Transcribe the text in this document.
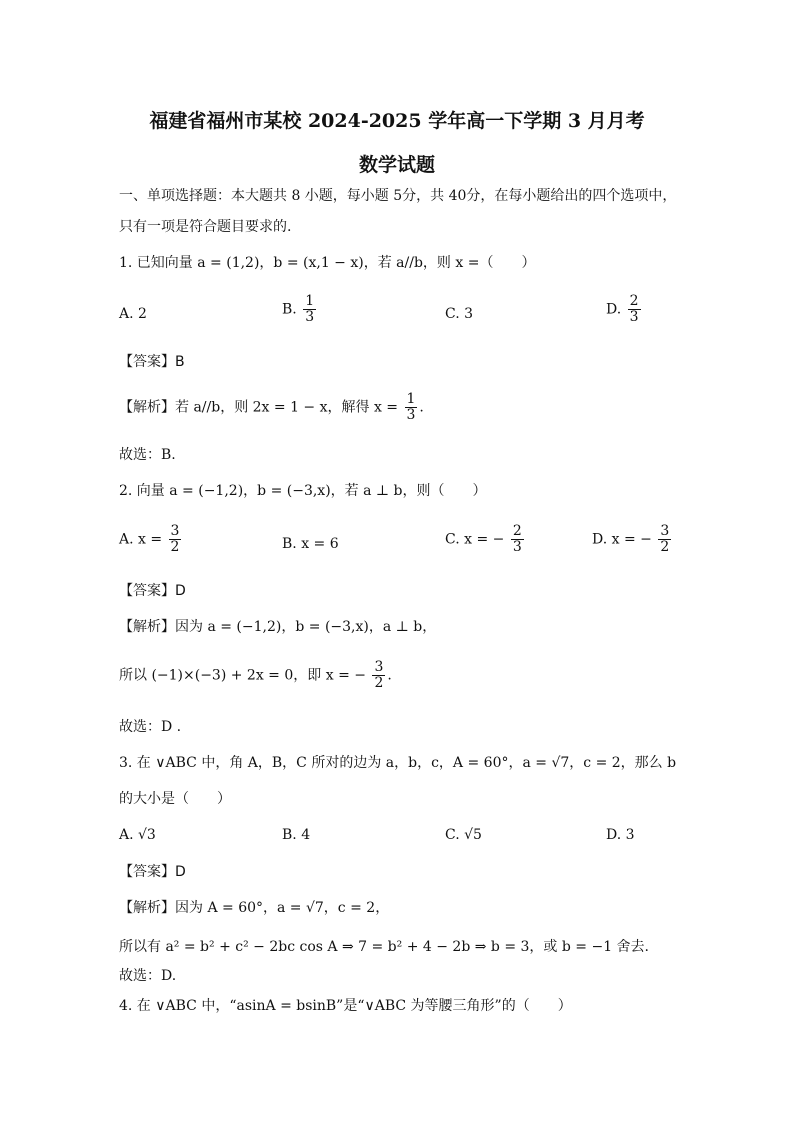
福建省福州市某校 2024-2025 学年高一下学期 3 月月考
数学试题
一、单项选择题：本大题共 8 小题，每小题 5分，共 40分，在每小题给出的四个选项中，
只有一项是符合题目要求的.
1. 已知向量 a = (1,2)，b = (x,1 − x)，若 a//b，则 x =（　　）
A. 2	B. $\frac{1}{3}$	C. 3	D. $\frac{2}{3}$
【答案】B
【解析】若 a//b，则 2x = 1 − x，解得 $x = \frac{1}{3}$ .
故选：B.
2. 向量 a = (−1,2)，b = (−3,x)，若 a ⊥ b，则（　　）
A. $x = \frac{3}{2}$	B. x = 6	C. x = − $\frac{2}{3}$	D. x = − $\frac{3}{2}$
【答案】D
【解析】因为 a = (−1,2)，b = (−3,x)，a ⊥ b，
所以 (−1)×(−3) + 2x = 0，即 x = − $\frac{3}{2}$ .
故选：D .
3. 在 ∨ABC 中，角 A，B，C 所对的边为 a，b，c，A = 60°，a = √7，c = 2，那么 b
的大小是（　　）
A. √3	B. 4	C. √5	D. 3
【答案】D
【解析】因为 A = 60°，a = √7，c = 2，
所以有 a² = b² + c² − 2bc cos A ⇒ 7 = b² + 4 − 2b ⇒ b = 3，或 b = −1 舍去.
故选：D.
4. 在 ∨ABC 中，“asinA = bsinB”是“∨ABC 为等腰三角形”的（　　）
